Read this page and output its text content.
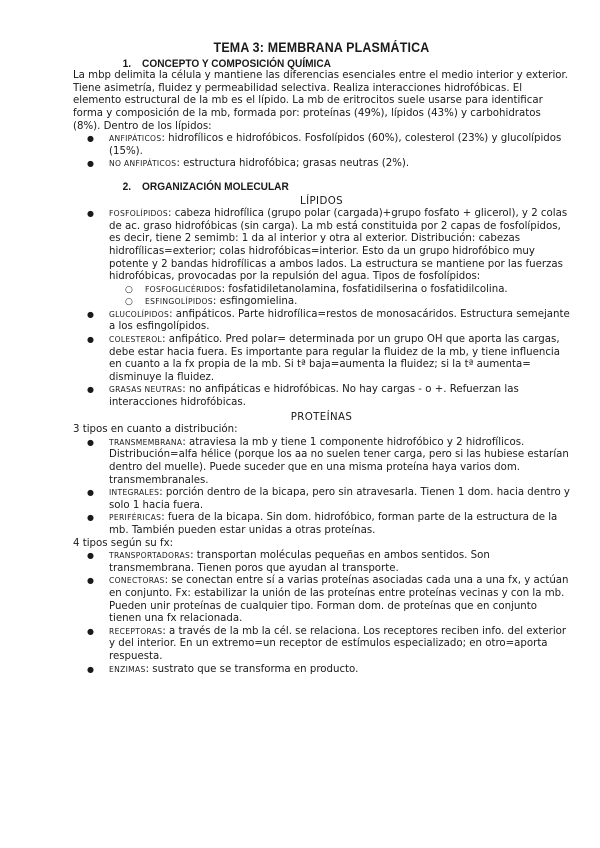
TEMA 3: MEMBRANA PLASMÁTICA
1. CONCEPTO Y COMPOSICIÓN QUÍMICA

La mbp delimita la célula y mantiene las diferencias esenciales entre el medio interior y exterior. Tiene asimetría, fluidez y permeabilidad selectiva. Realiza interacciones hidrofóbicas. El elemento estructural de la mb es el lípido. La mb de eritrocitos suele usarse para identificar forma y composición de la mb, formada por: proteínas (49%), lípidos (43%) y carbohidratos (8%). Dentro de los lípidos:

● ANFIPÁTICOS: hidrofílicos e hidrofóbicos. Fosfolípidos (60%), colesterol (23%) y glucolípidos (15%).
● NO ANFIPÁTICOS: estructura hidrofóbica; grasas neutras (2%).
2. ORGANIZACIÓN MOLECULAR

LÍPIDOS

● FOSFOLÍPIDOS: cabeza hidrofílica (grupo polar (cargada)+grupo fosfato + glicerol), y 2 colas de ac. graso hidrofóbicas (sin carga). La mb está constituida por 2 capas de fosfolípidos, es decir, tiene 2 semimb: 1 da al interior y otra al exterior. Distribución: cabezas hidrofílicas=exterior; colas hidrofóbicas=interior. Esto da un grupo hidrofóbico muy potente y 2 bandas hidrofílicas a ambos lados. La estructura se mantiene por las fuerzas hidrofóbicas, provocadas por la repulsión del agua. Tipos de fosfolípidos:
○ FOSFOGLICÉRIDOS: fosfatidiletanolamina, fosfatidilserina o fosfatidilcolina.
○ ESFINGOLÍPIDOS: esfingomielina.
● GLUCOLÍPIDOS: anfipáticos. Parte hidrofílica=restos de monosacáridos. Estructura semejante a los esfingolípidos.
● COLESTEROL: anfipático. Pred polar= determinada por un grupo OH que aporta las cargas, debe estar hacia fuera. Es importante para regular la fluidez de la mb, y tiene influencia en cuanto a la fx propia de la mb. Si tª baja=aumenta la fluidez; si la tª aumenta= disminuye la fluidez.
● GRASAS NEUTRAS: no anfipáticas e hidrofóbicas. No hay cargas - o +. Refuerzan las interacciones hidrofóbicas.

PROTEÍNAS

3 tipos en cuanto a distribución:

● TRANSMEMBRANA: atraviesa la mb y tiene 1 componente hidrofóbico y 2 hidrofílicos. Distribución=alfa hélice (porque los aa no suelen tener carga, pero si las hubiese estarían dentro del muelle). Puede suceder que en una misma proteína haya varios dom. transmembranales.
● INTEGRALES: porción dentro de la bicapa, pero sin atravesarla. Tienen 1 dom. hacia dentro y solo 1 hacia fuera.
● PERIFÉRICAS: fuera de la bicapa. Sin dom. hidrofóbico, forman parte de la estructura de la mb. También pueden estar unidas a otras proteínas.

4 tipos según su fx:

● TRANSPORTADORAS: transportan moléculas pequeñas en ambos sentidos. Son transmembrana. Tienen poros que ayudan al transporte.
● CONECTORAS: se conectan entre sí a varias proteínas asociadas cada una a una fx, y actúan en conjunto. Fx: estabilizar la unión de las proteínas entre proteínas vecinas y con la mb. Pueden unir proteínas de cualquier tipo. Forman dom. de proteínas que en conjunto tienen una fx relacionada.
● RECEPTORAS: a través de la mb la cél. se relaciona. Los receptores reciben info. del exterior y del interior. En un extremo=un receptor de estímulos especializado; en otro=aporta respuesta.
● ENZIMAS: sustrato que se transforma en producto.
